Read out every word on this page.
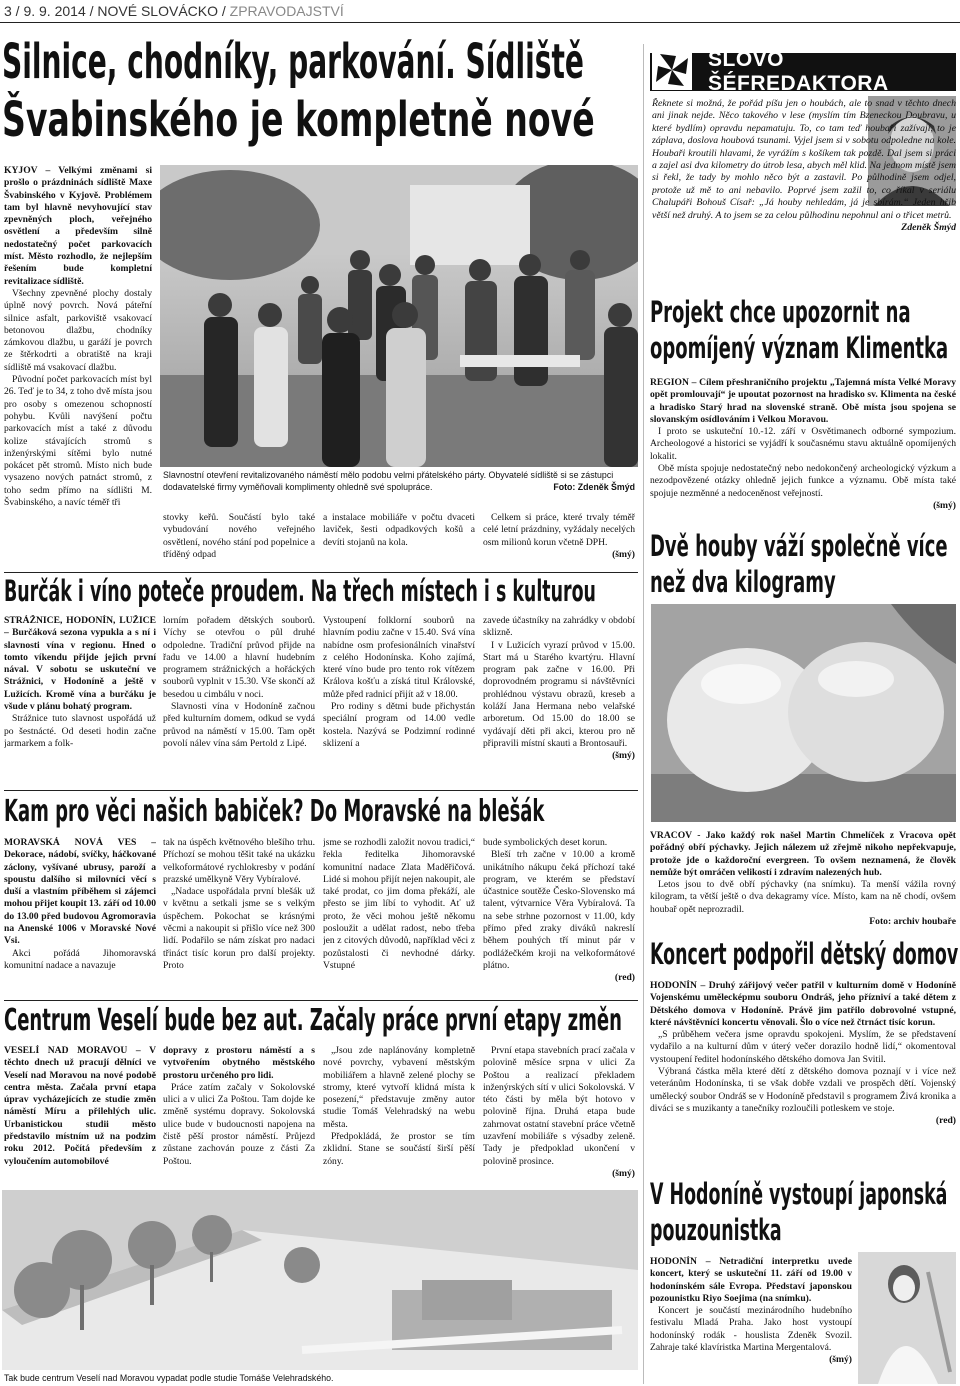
3 / 9. 9. 2014 / NOVÉ SLOVÁCKO / ZPRAVODAJSTVÍ
Silnice, chodníky, parkování. Sídliště
Švabinského je kompletně nové

KYJOV – Velkými změnami si prošlo o prázdninách sídliště Maxe Švabinského v Kyjově. Problémem tam byl hlavně nevyhovující stav zpevněných ploch, veřejného osvětlení a především silně nedostatečný počet parkovacích míst. Město rozhodlo, že nejlepším řešením bude kompletní revitalizace sídliště.

Všechny zpevněné plochy dostaly úplně nový povrch. Nová páteřní silnice asfalt, parkoviště vsakovací betonovou dlažbu, chodníky zámkovou dlažbu, u garáží je povrch ze štěrkodrti a obratiště na kraji sídliště má vsakovací dlažbu.

Původní počet parkovacích míst byl 26. Teď je to 34, z toho dvě místa jsou pro osoby s omezenou schopností pohybu. Kvůli navýšení počtu parkovacích míst a také z důvodu kolize stávajících stromů s inženýrskými sítěmi bylo nutné pokácet pět stromů. Místo nich bude vysazeno nových patnáct stromů, z toho sedm přímo na sídlišti M. Švabinského, a navíc téměř tři

Slavnostní otevření revitalizovaného náměstí mělo podobu velmi přátelského párty. Obyvatelé sídliště si se zástupci dodavatelské firmy vyměňovali komplimenty ohledně své spolupráce.	Foto: Zdeněk Šmýd

stovky keřů. Součástí bylo také vybudování nového veřejného osvětlení, nového stání pod popelnice a tříděný odpad

a instalace mobiliáře v počtu dvaceti laviček, šesti odpadkových košů a devíti stojanů na kola.

Celkem si práce, které trvaly téměř celé letní prázdniny, vyžádaly necelých osm milionů korun včetně DPH.

(šmý)
SLOVO ŠÉFREDAKTORA

Řeknete si možná, že pořád píšu jen o houbách, ale to snad v těchto dnech ani jinak nejde. Něco takového v lese (myslím tím Bzeneckou Doubravu, u které bydlím) opravdu nepamatuju. To, co tam teď houbaři zažívají, to je záplava, doslova houbová tsunami. Vyjel jsem si v sobotu odpoledne na kole. Houbaři kroutili hlavami, že vyrážím s košíkem tak pozdě. Dal jsem si práci a zajel asi dva kilometry do útrob lesa, abych měl klid. Na jednom místě jsem si řekl, že tady by mohlo něco být a zastavil. Po půlhodině jsem odjel, protože už mě to ani nebavilo. Poprvé jsem zažil to, co říkal v seriálu Chalupáři Bohouš Císař: „Já houby nehledám, já je sbírám.“ Jeden hřib větší než druhý. A to jsem se za celou půlhodinu nepohnul ani o třicet metrů.

Zdeněk Šmýd
Projekt chce upozornit na
opomíjený význam Klimentka

REGION – Cílem přeshraničního projektu „Tajemná místa Velké Moravy opět promlouvají“ je upoutat pozornost na hradisko sv. Klimenta na české a hradisko Starý hrad na slovenské straně. Obě místa jsou spojena se slovanským osídlováním i Velkou Moravou.

I proto se uskuteční 10.-12. září v Osvětimanech odborné sympozium. Archeologové a historici se vyjádří k současnému stavu aktuálně opomíjených lokalit.

Obě místa spojuje nedostatečný nebo nedokončený archeologický výzkum a nezodpovězené otázky ohledně jejich funkce a významu. Obě místa také spojuje nezměnné a nedoceněnost veřejností.

(šmý)
Dvě houby váží společně více
než dva kilogramy

VRACOV - Jako každý rok našel Martin Chmelíček z Vracova opět pořádný obří pýchavky. Jejich nálezem už zřejmě nikoho nepřekvapuje, protože jde o každoroční evergreen. To ovšem neznamená, že člověk nemůže být omráčen velikostí i zdravím nalezených hub.

Letos jsou to dvě obří pýchavky (na snímku). Ta menší vážila rovný kilogram, ta větší ještě o dva dekagramy více. Místo, kam na ně chodí, ovšem houbař opět neprozradil.

Foto: archiv houbaře
Koncert podpořil dětský domov

HODONÍN – Druhý zářijový večer patřil v kulturním domě v Hodoníně Vojenskému umělecképmu souboru Ondráš, jeho přízniví a také dětem z Dětského domova v Hodoníně. Právě jim patřilo dobrovolné vstupné, které návštěvníci koncertu věnovali. Šlo o více než čtrnáct tisíc korun.

„S průběhem večera jsme opravdu spokojeni. Myslím, že se představení vydařilo a na kulturní dům v úterý večer dorazilo hodně lidí,“ okomentoval vystoupení ředitel hodonínského dětského domova Jan Svitil.

Výbraná částka měla které dětí z dětského domova poznají v i více než veteránům Hodonínska, ti se však dobře vzdali ve prospěch dětí. Vojenský umělecký soubor Ondráš se v Hodoníně představil s programem Živá kronika a diváci se s muzikanty a tanečníky rozloučili potleskem ve stoje.

(red)
V Hodoníně vystoupí japonská
pouzounistka

HODONÍN – Netradiční interpretku uvede koncert, který se uskuteční 11. září od 19.00 v hodonínském sále Evropa. Představí japonskou pozounistku Riyo Soejima (na snímku).

Koncert je součástí mezinárodního hudebního festivalu Mladá Praha. Jako host vystoupí hodonínský rodák - houslista Zdeněk Svozil. Zahraje také klavíristka Martina Mergentalová.

(šmý)
Burčák i víno poteče proudem. Na třech místech i s kulturou

STRÁŽNICE, HODONÍN, LUŽICE – Burčáková sezona vypukla a s ní i slavnosti vína v regionu. Hned o tomto víkendu přijde jejich první nával. V sobotu se uskuteční ve Strážnici, v Hodoníně a ještě v Lužicích. Kromě vína a burčáku je všude v plánu bohatý program.

Strážnice tuto slavnost uspořádá už po šestnácté. Od deseti hodin začne jarmarkem a folk-

lorním pořadem dětských souborů. Víchy se otevřou o půl druhé odpoledne. Tradiční průvod přijde na řadu ve 14.00 a hlavní hudebním programem strážnických a hořáckých souborů vyplnit v 15.30. Vše skončí až besedou u cimbálu v noci.

Slavnosti vína v Hodoníně začnou před kulturním domem, odkud se vydá průvod na náměstí v 15.00. Tam opět povolí nálev vína sám Pertold z Lipé.

Vystoupení folklorní souborů na hlavním podiu začne v 15.40. Svá vína nabídne osm profesionálních vinařství z celého Hodonínska. Koho zajímá, které víno bude pro tento rok vítězem Králova košťu a získá titul Královské, může před radnicí přijít až v 18.00.

Pro rodiny s dětmi bude přichystán speciální program od 14.00 vedle kostela. Nazývá se Podzimní rodinné sklizení a

zavede účastníky na zahrádky v období sklizně.

I v Lužicích vyrazí průvod v 15.00. Start má u Starého kvartýru. Hlavní program pak začne v 16.00. Při doprovodném programu si návštěvníci prohlédnou výstavu obrazů, kreseb a koláží Jana Hermana nebo velařské arboretum. Od 15.00 do 18.00 se vydávají děti při akci, kterou pro ně připravili místní skauti a Brontosauři.

(šmý)
Kam pro věci našich babiček? Do Moravské na blešák

MORAVSKÁ NOVÁ VES – Dekorace, nádobí, svíčky, háčkované záclony, vyšívané ubrusy, paroží a spoustu dalšího si milovníci věcí s duší a vlastním příběhem si zájemci mohou přijet koupit 13. září od 10.00 do 13.00 před budovou Agromoravia na Anenské 1006 v Moravské Nové Vsi.

Akci pořádá Jihomoravská komunitní nadace a navazuje

tak na úspěch květnového blešího trhu. Příchozí se mohou těšit také na ukázku velkoformátové rychlokresby v podání prazské umělkyně Věry Vybíralové.

„Nadace uspořádala první blešák už v květnu a setkali jsme se s velkým úspěchem. Pokochat se krásnými věcmi a nakoupit si přišlo více než 300 lidí. Podařilo se nám získat pro nadaci třináct tisíc korun pro další projekty. Proto

jsme se rozhodli založit novou tradici,“ řekla ředitelka Jihomoravské komunitní nadace Zlata Maděřičová. Lidé si mohou přijít nejen nakoupit, ale také prodat, co jim doma překáží, ale přesto se jim líbí to vyhodit. Ať už proto, že věci mohou ještě někomu posloužit a udělat radost, nebo třeba jen z citových důvodů, například věci z pozůstalosti či nevhodné dárky. Vstupné

bude symbolických deset korun.

Bleší trh začne v 10.00 a kromě unikátního nákupu čeká příchozí také program, ve kterém se představí účastnice soutěže Česko-Slovensko má talent, výtvarnice Věra Vybíralová. Ta na sebe strhne pozornost v 11.00, kdy přímo před zraky diváků nakreslí během pouhých tří minut pár v podlážečkém kroji na velkoformátové plátno.

(red)
Centrum Veselí bude bez aut. Začaly práce první etapy změn

VESELÍ NAD MORAVOU – V těchto dnech už pracují dělníci ve Veselí nad Moravou na nové podobě centra města. Začala první etapa úprav vycházejících ze studie změn náměstí Míru a přilehlých ulic. Urbanistickou studii město představilo místním už na podzim roku 2012. Počítá především z vyloučením automobilové

dopravy z prostoru náměstí a s vytvořením obytného městského prostoru určeného pro lidi.

Práce zatím začaly v Sokolovské ulici a v ulici Za Poštou. Tam dojde ke změně systému dopravy. Sokolovská ulice bude v budoucnosti napojena na čistě pěší prostor náměstí. Průjezd zůstane zachován pouze z části Za Poštou.

„Jsou zde naplánovány kompletně nové povrchy, vybavení městským mobiliářem a hlavně zelené plochy se stromy, které vytvoří klidná místa k posezení,“ představuje změny autor studie Tomáš Velehradský na webu města.

Předpokládá, že prostor se tím zklidní. Stane se součástí širší pěší zóny.

První etapa stavebních prací začala v polovině měsíce srpna v ulici Za Poštou a realizací překladem inženýrských sítí v ulici Sokolovská. V této části by měla být hotovo v polovině října. Druhá etapa bude zahrnovat ostatní stavební práce včetně uzavření mobiliáře s výsadby zeleně. Tady je předpoklad ukončení v polovině prosince.

(šmý)
Tak bude centrum Veselí nad Moravou vypadat podle studie Tomáše Velehradského.
